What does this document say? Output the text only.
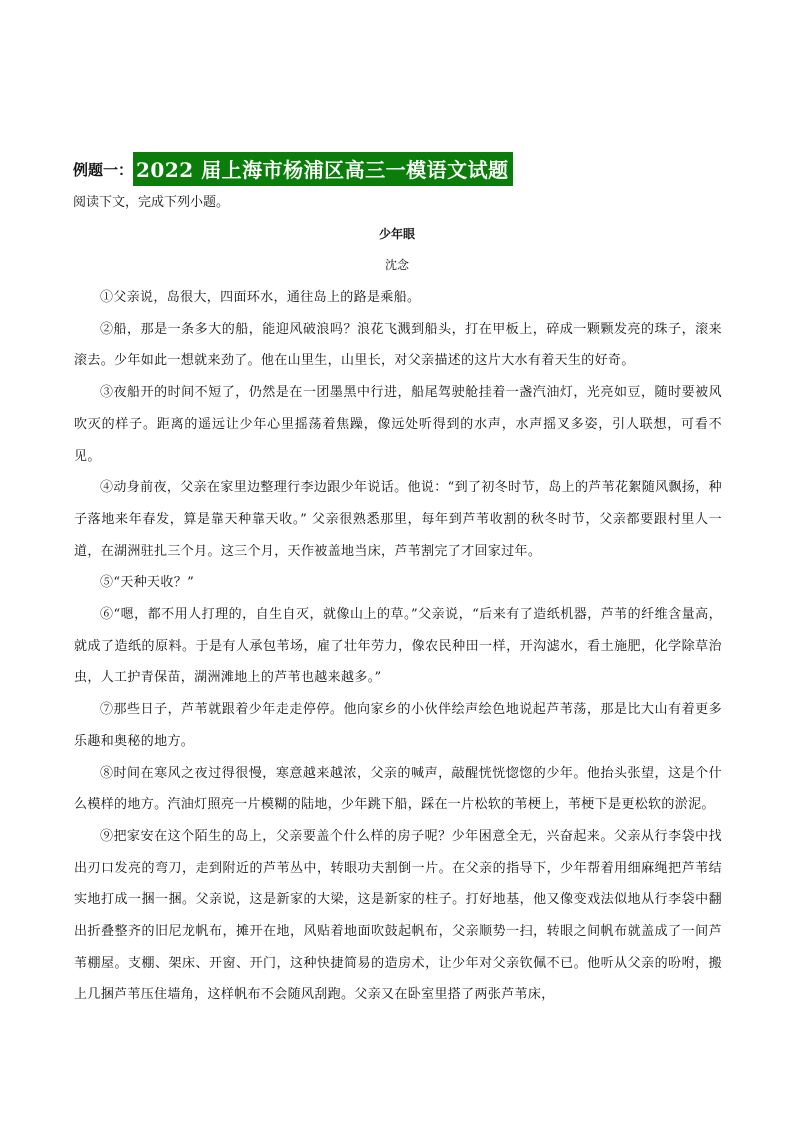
例题一： 2022 届上海市杨浦区高三一模语文试题
阅读下文，完成下列小题。
少年眼
沈念

①父亲说，岛很大，四面环水，通往岛上的路是乘船。

②船，那是一条多大的船，能迎风破浪吗？浪花飞溅到船头，打在甲板上，碎成一颗颗发亮的珠子，滚来滚去。少年如此一想就来劲了。他在山里生，山里长，对父亲描述的这片大水有着天生的好奇。

③夜船开的时间不短了，仍然是在一团墨黑中行进，船尾驾驶舱挂着一盏汽油灯，光亮如豆，随时要被风吹灭的样子。距离的遥远让少年心里摇荡着焦躁，像远处听得到的水声，水声摇叉多姿，引人联想，可看不见。

④动身前夜，父亲在家里边整理行李边跟少年说话。他说：“到了初冬时节，岛上的芦苇花絮随风飘扬，种子落地来年春发，算是靠天种靠天收。” 父亲很熟悉那里，每年到芦苇收割的秋冬时节，父亲都要跟村里人一道，在湖洲驻扎三个月。这三个月，天作被盖地当床，芦苇割完了才回家过年。

⑤“天种天收？”

⑥“嗯，都不用人打理的，自生自灭，就像山上的草。”父亲说，“后来有了造纸机器，芦苇的纤维含量高，就成了造纸的原料。于是有人承包苇场，雇了壮年劳力，像农民种田一样，开沟滤水，看土施肥，化学除草治虫，人工护青保苗，湖洲滩地上的芦苇也越来越多。”

⑦那些日子，芦苇就跟着少年走走停停。他向家乡的小伙伴绘声绘色地说起芦苇荡，那是比大山有着更多乐趣和奥秘的地方。

⑧时间在寒风之夜过得很慢，寒意越来越浓，父亲的喊声，敲醒恍恍惚惚的少年。他抬头张望，这是个什么模样的地方。汽油灯照亮一片模糊的陆地，少年跳下船，踩在一片松软的苇梗上，苇梗下是更松软的淤泥。

⑨把家安在这个陌生的岛上，父亲要盖个什么样的房子呢？少年困意全无，兴奋起来。父亲从行李袋中找出刃口发亮的弯刀，走到附近的芦苇丛中，转眼功夫割倒一片。在父亲的指导下，少年帮着用细麻绳把芦苇结实地打成一捆一捆。父亲说，这是新家的大梁，这是新家的柱子。打好地基，他又像变戏法似地从行李袋中翻出折叠整齐的旧尼龙帆布，摊开在地，风贴着地面吹鼓起帆布，父亲顺势一扫，转眼之间帆布就盖成了一间芦苇棚屋。支棚、架床、开窗、开门，这种快捷简易的造房术，让少年对父亲钦佩不已。他听从父亲的吩咐，搬上几捆芦苇压住墙角，这样帆布不会随风刮跑。父亲又在卧室里搭了两张芦苇床，
